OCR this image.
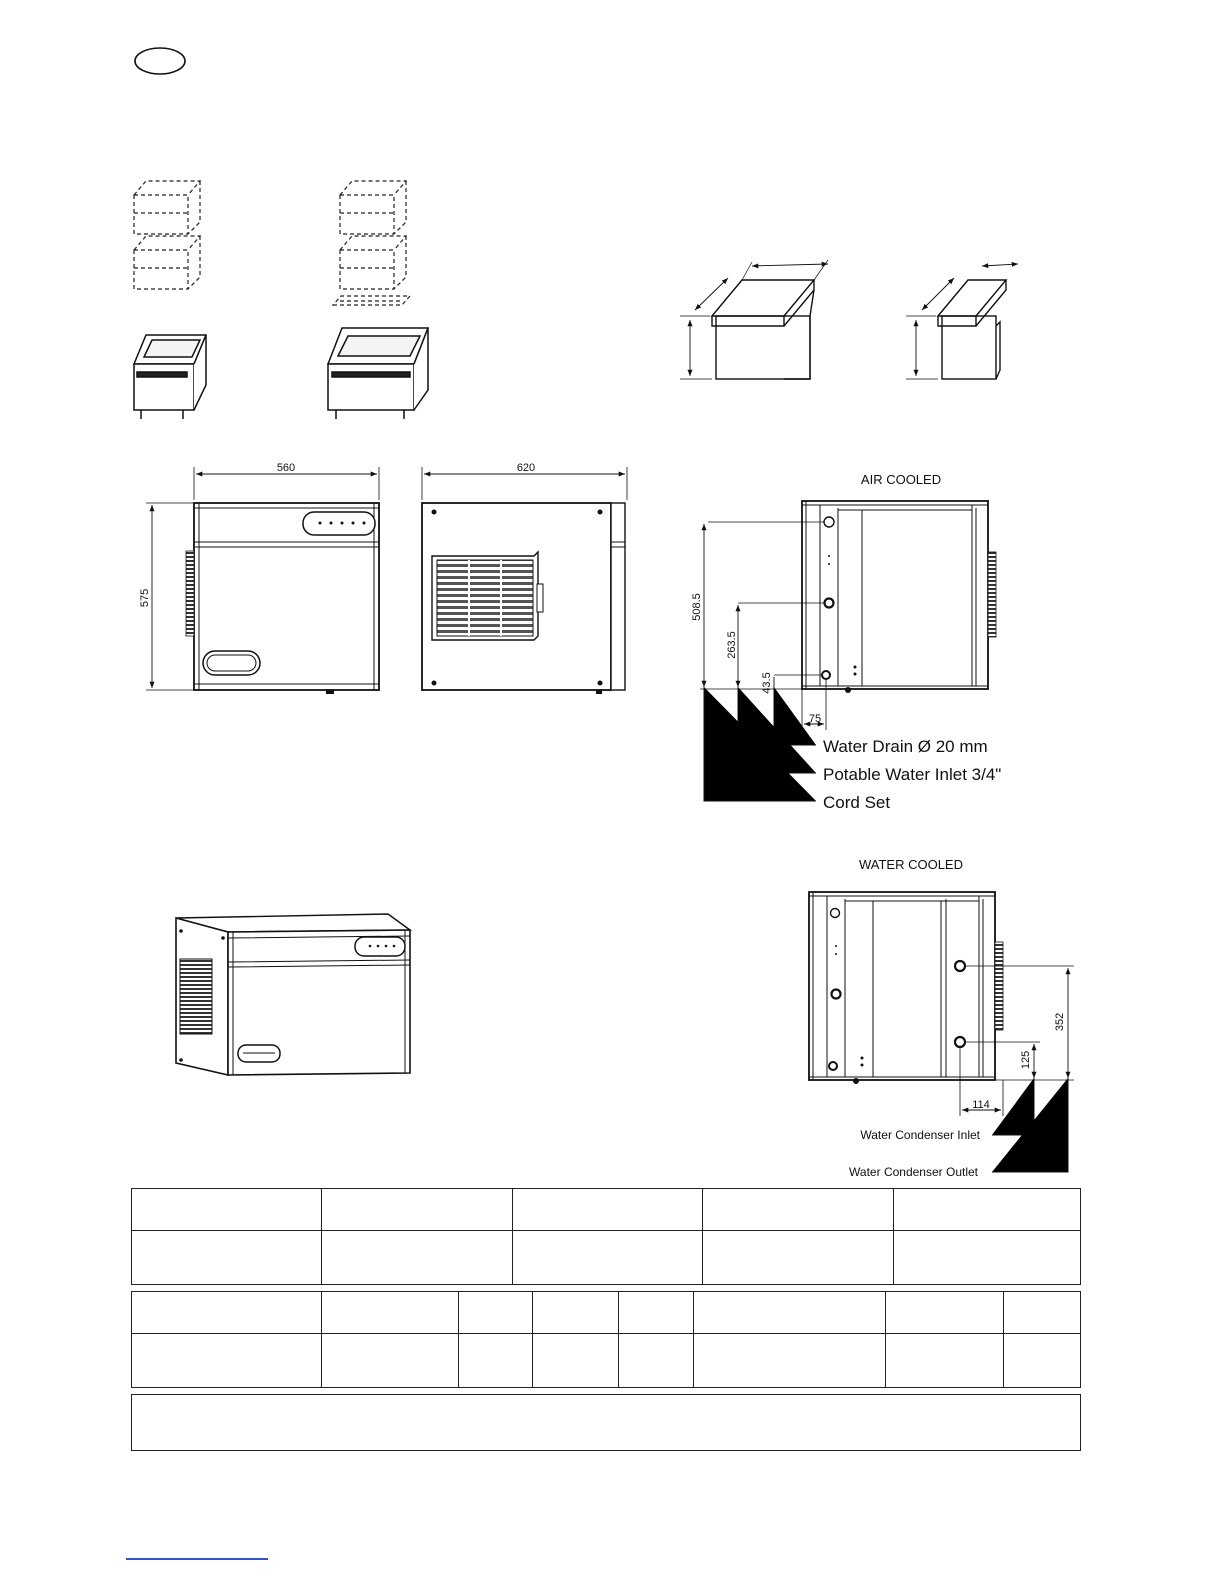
560	620
575	508.5
263.5
43.5
75
352
125
114
AIR COOLED
Water Drain Ø 20 mm
Potable Water Inlet 3/4"
Cord Set
WATER COOLED
Water Condenser Inlet
Water Condenser Outlet
